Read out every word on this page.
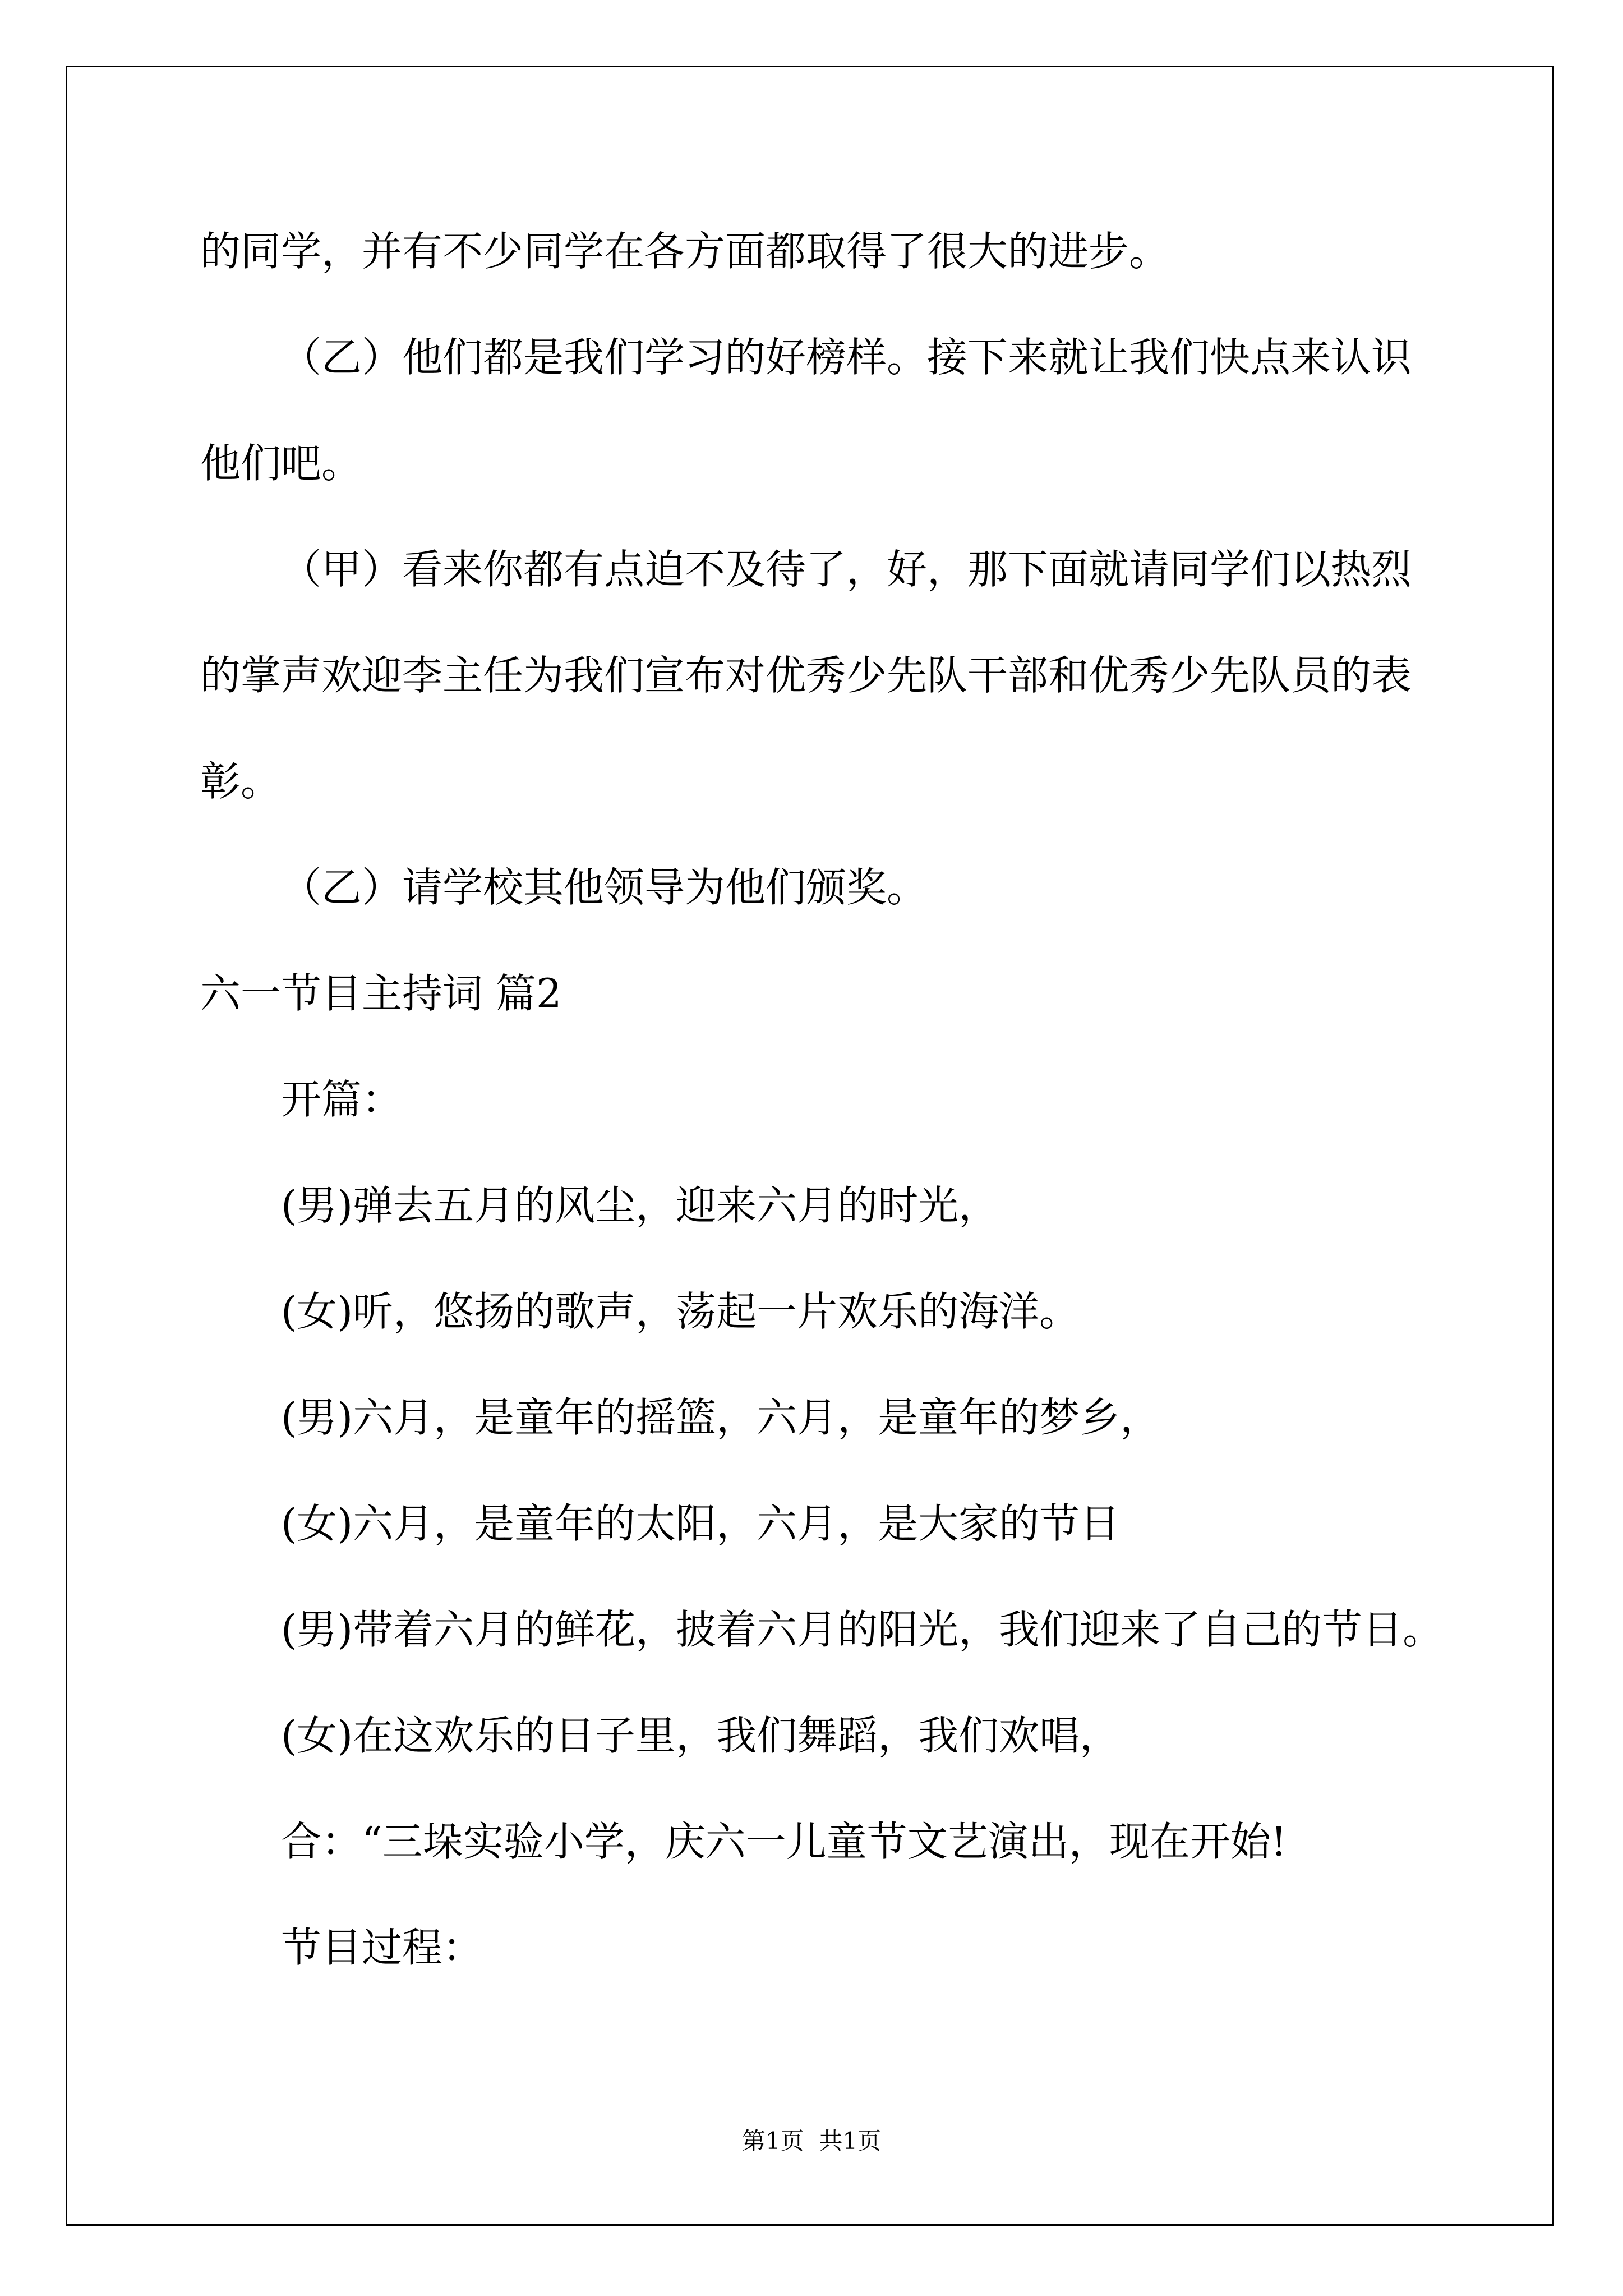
的同学，并有不少同学在各方面都取得了很大的进步。
（乙）他们都是我们学习的好榜样。接下来就让我们快点来认识
他们吧。
（甲）看来你都有点迫不及待了，好，那下面就请同学们以热烈
的掌声欢迎李主任为我们宣布对优秀少先队干部和优秀少先队员的表
彰。
（乙）请学校其他领导为他们颁奖。
六一节目主持词 篇2
开篇：
(男)弹去五月的风尘，迎来六月的时光，
(女)听，悠扬的歌声，荡起一片欢乐的海洋。
(男)六月，是童年的摇篮，六月，是童年的梦乡，
(女)六月，是童年的太阳，六月，是大家的节日
(男)带着六月的鲜花，披着六月的阳光，我们迎来了自己的节日。
(女)在这欢乐的日子里，我们舞蹈，我们欢唱，
合：“三垛实验小学，庆六一儿童节文艺演出，现在开始!
节目过程：
第1页  共1页
